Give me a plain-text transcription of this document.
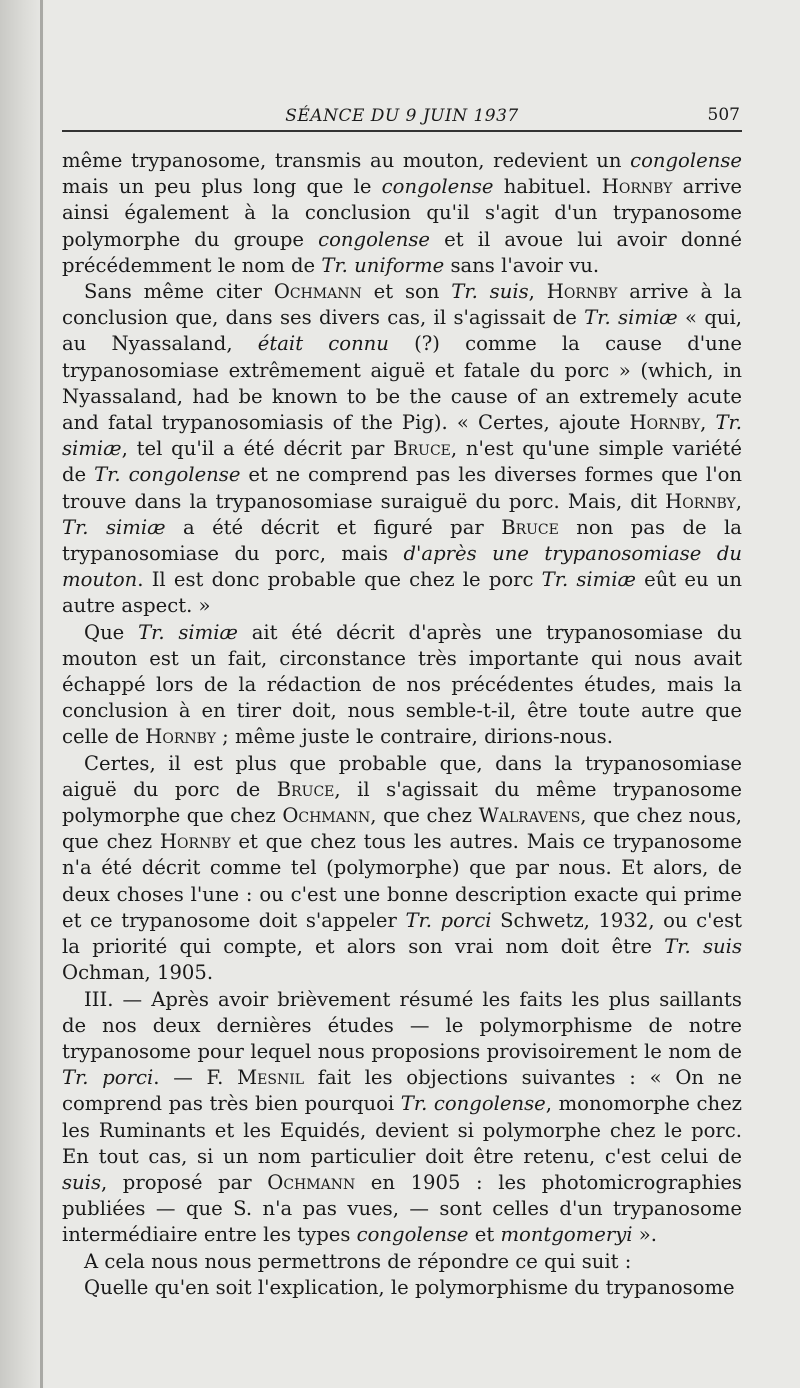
SÉANCE DU 9 JUIN 1937	507

même trypanosome, transmis au mouton, redevient un congolense mais un peu plus long que le congolense habituel. Hornby arrive ainsi également à la conclusion qu'il s'agit d'un trypanosome polymorphe du groupe congolense et il avoue lui avoir donné précédemment le nom de Tr. uniforme sans l'avoir vu.

Sans même citer Ochmann et son Tr. suis, Hornby arrive à la conclusion que, dans ses divers cas, il s'agissait de Tr. simiæ « qui, au Nyassaland, était connu (?) comme la cause d'une trypanosomiase extrêmement aiguë et fatale du porc » (which, in Nyassaland, had be known to be the cause of an extremely acute and fatal trypanosomiasis of the Pig). « Certes, ajoute Hornby, Tr. simiæ, tel qu'il a été décrit par Bruce, n'est qu'une simple variété de Tr. congolense et ne comprend pas les diverses formes que l'on trouve dans la trypanosomiase suraiguë du porc. Mais, dit Hornby, Tr. simiæ a été décrit et figuré par Bruce non pas de la trypanosomiase du porc, mais d'après une trypanosomiase du mouton. Il est donc probable que chez le porc Tr. simiæ eût eu un autre aspect. »

Que Tr. simiæ ait été décrit d'après une trypanosomiase du mouton est un fait, circonstance très importante qui nous avait échappé lors de la rédaction de nos précédentes études, mais la conclusion à en tirer doit, nous semble-t-il, être toute autre que celle de Hornby ; même juste le contraire, dirions-nous.

Certes, il est plus que probable que, dans la trypanosomiase aiguë du porc de Bruce, il s'agissait du même trypanosome polymorphe que chez Ochmann, que chez Walravens, que chez nous, que chez Hornby et que chez tous les autres. Mais ce trypanosome n'a été décrit comme tel (polymorphe) que par nous. Et alors, de deux choses l'une : ou c'est une bonne description exacte qui prime et ce trypanosome doit s'appeler Tr. porci Schwetz, 1932, ou c'est la priorité qui compte, et alors son vrai nom doit être Tr. suis Ochman, 1905.

III. — Après avoir brièvement résumé les faits les plus saillants de nos deux dernières études — le polymorphisme de notre trypanosome pour lequel nous proposions provisoirement le nom de Tr. porci. — F. Mesnil fait les objections suivantes : « On ne comprend pas très bien pourquoi Tr. congolense, monomorphe chez les Ruminants et les Equidés, devient si polymorphe chez le porc. En tout cas, si un nom particulier doit être retenu, c'est celui de suis, proposé par Ochmann en 1905 : les photomicrographies publiées — que S. n'a pas vues, — sont celles d'un trypanosome intermédiaire entre les types congolense et montgomeryi ».

A cela nous nous permettrons de répondre ce qui suit :

Quelle qu'en soit l'explication, le polymorphisme du trypanosome
